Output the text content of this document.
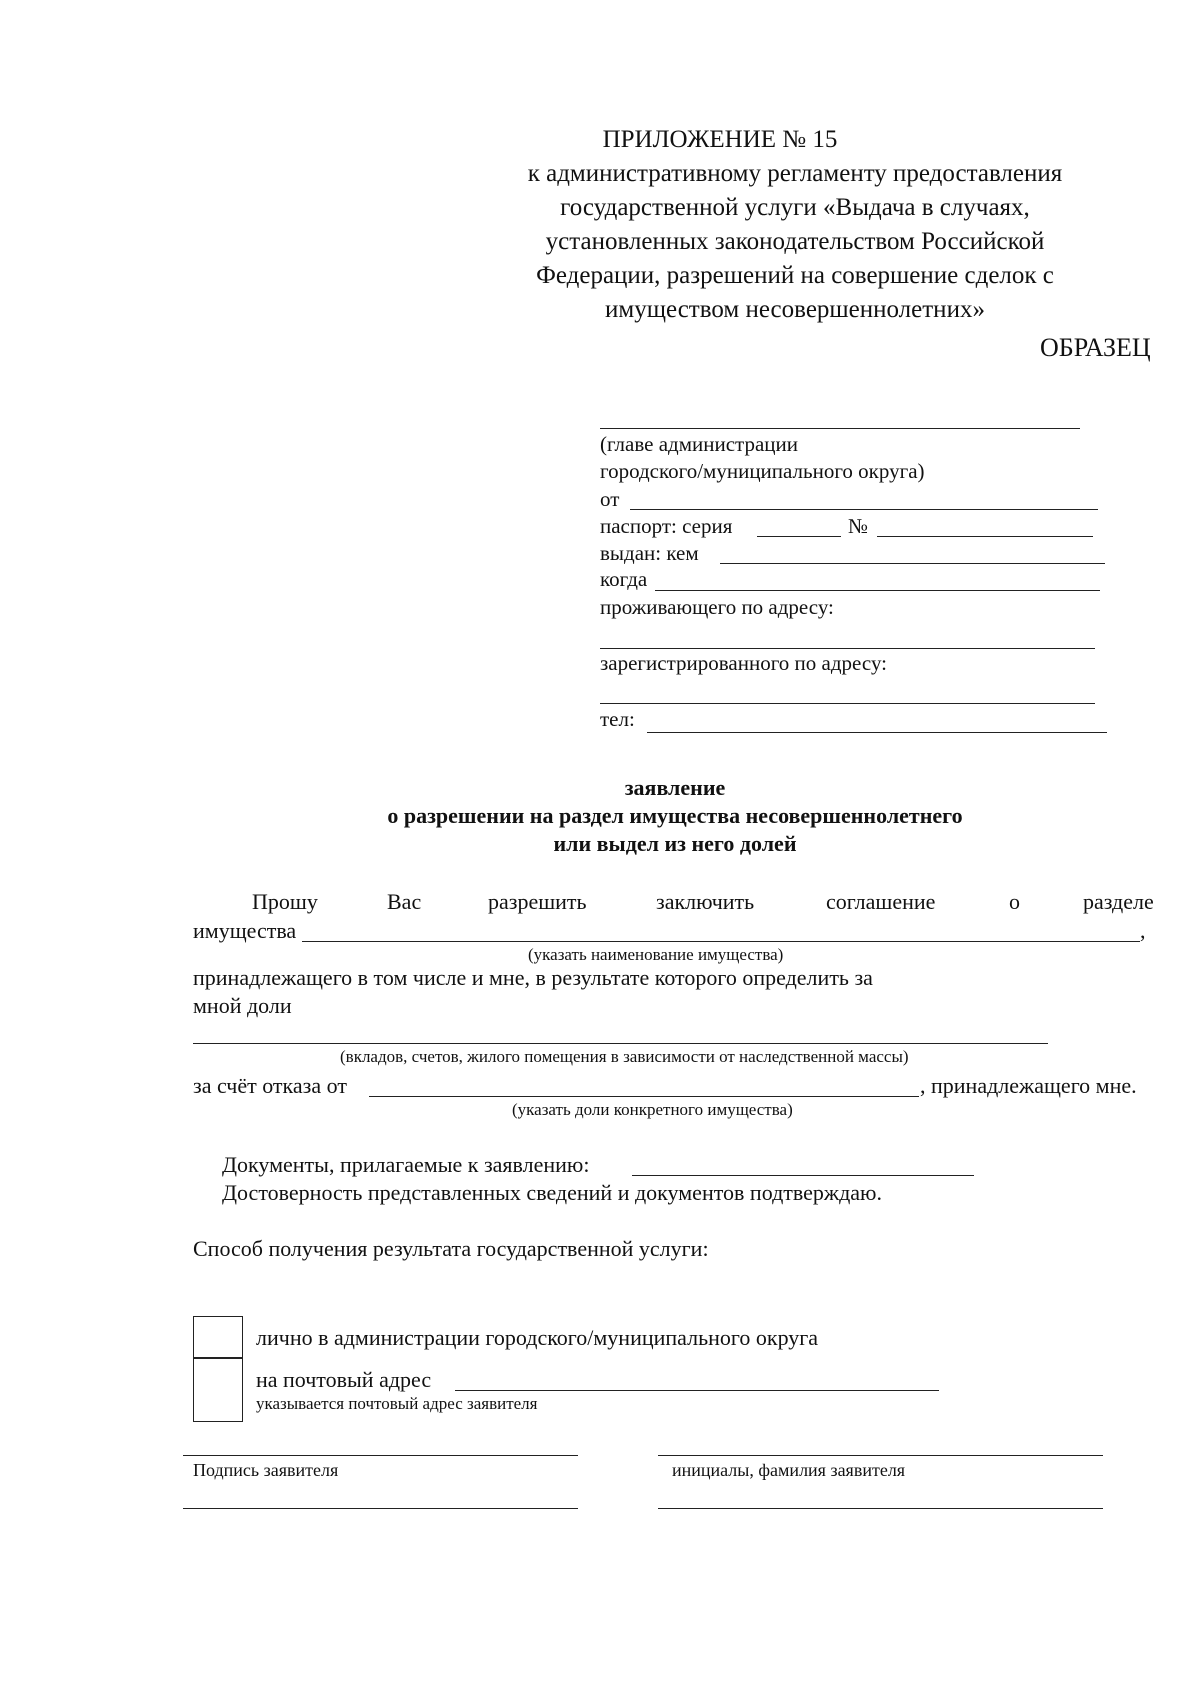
ПРИЛОЖЕНИЕ № 15
к административному регламенту предоставления
государственной услуги «Выдача в случаях,
установленных законодательством Российской
Федерации, разрешений на совершение сделок с
имуществом несовершеннолетних»
ОБРАЗЕЦ
(главе администрации
городского/муниципального округа)
от
паспорт: серия	№
выдан: кем
когда
проживающего по адресу:
зарегистрированного по адресу:
тел:
заявление
о разрешении на раздел имущества несовершеннолетнего
или выдел из него долей
Прошу	Вас	разрешить	заключить	соглашение	о	разделе
имущества	,
(указать наименование имущества)
принадлежащего в том числе и мне, в результате которого определить за
мной доли
(вкладов, счетов, жилого помещения в зависимости от наследственной массы)
за счёт отказа от	, принадлежащего мне.
(указать доли конкретного имущества)
Документы, прилагаемые к заявлению:
Достоверность представленных сведений и документов подтверждаю.
Способ получения результата государственной услуги:
лично в администрации городского/муниципального округа
на почтовый адрес
указывается почтовый адрес заявителя
Подпись заявителя	инициалы, фамилия заявителя
